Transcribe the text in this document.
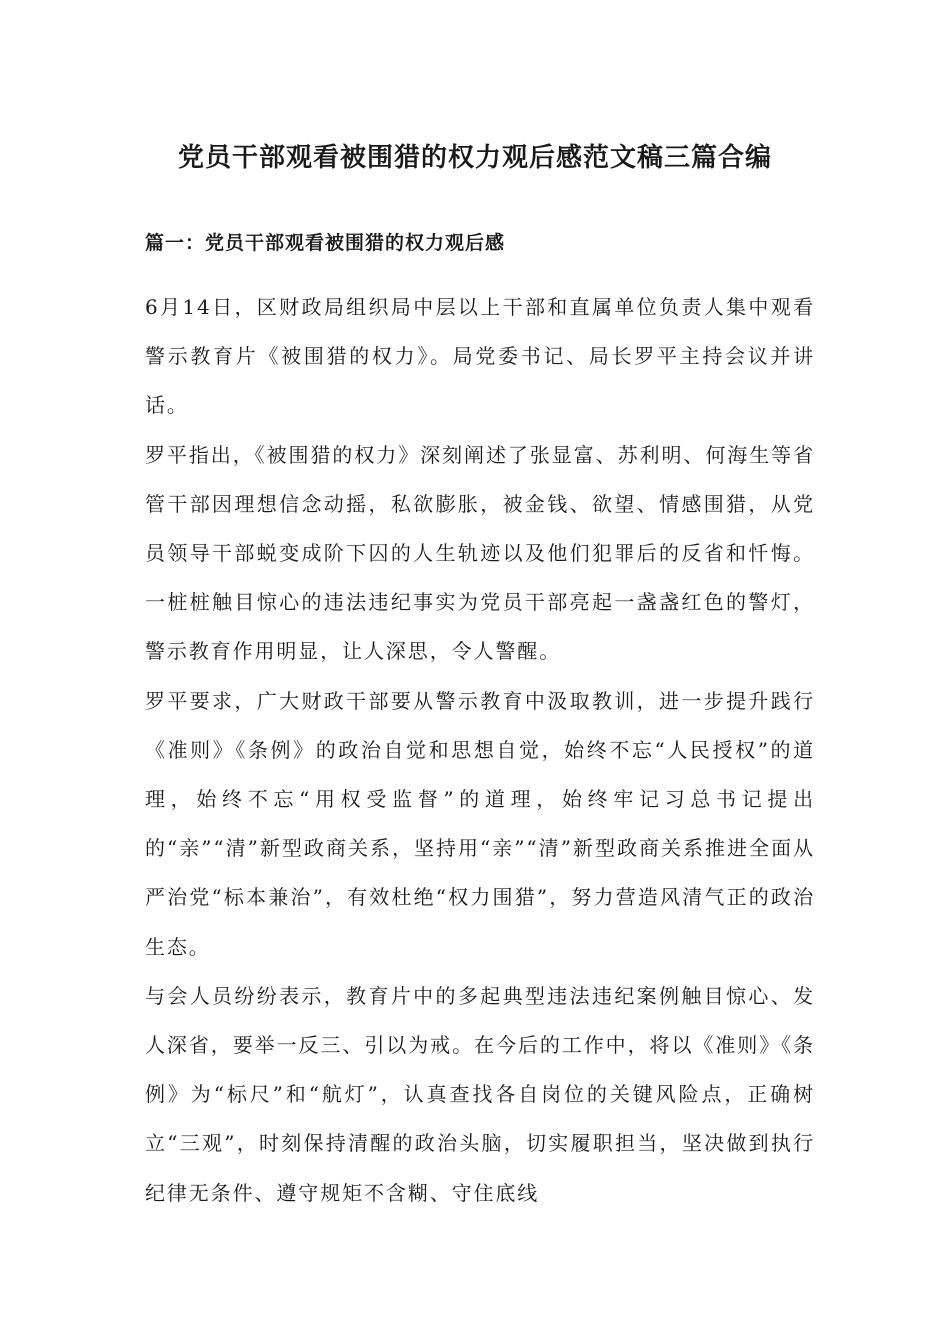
党员干部观看被围猎的权力观后感范文稿三篇合编
篇一：党员干部观看被围猎的权力观后感

6月14日，区财政局组织局中层以上干部和直属单位负责人集中观看警示教育片《被围猎的权力》。局党委书记、局长罗平主持会议并讲话。

罗平指出，《被围猎的权力》深刻阐述了张显富、苏利明、何海生等省管干部因理想信念动摇，私欲膨胀，被金钱、欲望、情感围猎，从党员领导干部蜕变成阶下囚的人生轨迹以及他们犯罪后的反省和忏悔。一桩桩触目惊心的违法违纪事实为党员干部亮起一盏盏红色的警灯，警示教育作用明显，让人深思，令人警醒。

罗平要求，广大财政干部要从警示教育中汲取教训，进一步提升践行《准则》《条例》的政治自觉和思想自觉，始终不忘“人民授权”的道理，始终不忘“用权受监督”的道理，始终牢记习总书记提出的“亲”“清”新型政商关系，坚持用“亲”“清”新型政商关系推进全面从严治党“标本兼治”，有效杜绝“权力围猎”，努力营造风清气正的政治生态。

与会人员纷纷表示，教育片中的多起典型违法违纪案例触目惊心、发人深省，要举一反三、引以为戒。在今后的工作中，将以《准则》《条例》为“标尺”和“航灯”，认真查找各自岗位的关键风险点，正确树立“三观”，时刻保持清醒的政治头脑，切实履职担当，坚决做到执行纪律无条件、遵守规矩不含糊、守住底线
